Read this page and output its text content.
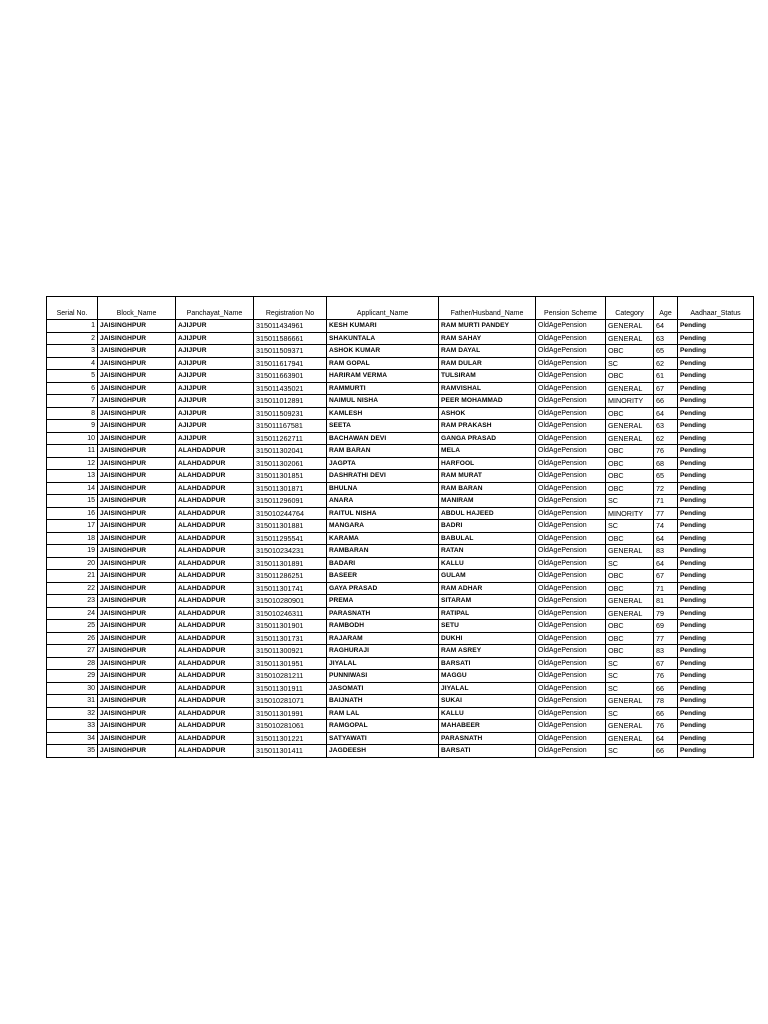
Serial No.	Block_Name	Panchayat_Name	Registration No	Applicant_Name	Father/Husband_Name	Pension Scheme	Category	Age	Aadhaar_Status
1	JAISINGHPUR	AJIJPUR	315011434961	KESH KUMARI	RAM MURTI PANDEY	OldAgePension	GENERAL	64	Pending
2	JAISINGHPUR	AJIJPUR	315011586661	SHAKUNTALA	RAM SAHAY	OldAgePension	GENERAL	63	Pending
3	JAISINGHPUR	AJIJPUR	315011509371	ASHOK KUMAR	RAM DAYAL	OldAgePension	OBC	65	Pending
4	JAISINGHPUR	AJIJPUR	315011617941	RAM GOPAL	RAM DULAR	OldAgePension	SC	62	Pending
5	JAISINGHPUR	AJIJPUR	315011663901	HARIRAM VERMA	TULSIRAM	OldAgePension	OBC	61	Pending
6	JAISINGHPUR	AJIJPUR	315011435021	RAMMURTI	RAMVISHAL	OldAgePension	GENERAL	67	Pending
7	JAISINGHPUR	AJIJPUR	315011012891	NAIMUL NISHA	PEER MOHAMMAD	OldAgePension	MINORITY	66	Pending
8	JAISINGHPUR	AJIJPUR	315011509231	KAMLESH	ASHOK	OldAgePension	OBC	64	Pending
9	JAISINGHPUR	AJIJPUR	315011167581	SEETA	RAM PRAKASH	OldAgePension	GENERAL	63	Pending
10	JAISINGHPUR	AJIJPUR	315011262711	BACHAWAN DEVI	GANGA PRASAD	OldAgePension	GENERAL	62	Pending
11	JAISINGHPUR	ALAHDADPUR	315011302041	RAM BARAN	MELA	OldAgePension	OBC	76	Pending
12	JAISINGHPUR	ALAHDADPUR	315011302061	JAGPTA	HARFOOL	OldAgePension	OBC	68	Pending
13	JAISINGHPUR	ALAHDADPUR	315011301851	DASHRATHI DEVI	RAM MURAT	OldAgePension	OBC	65	Pending
14	JAISINGHPUR	ALAHDADPUR	315011301871	BHULNA	RAM BARAN	OldAgePension	OBC	72	Pending
15	JAISINGHPUR	ALAHDADPUR	315011296091	ANARA	MANIRAM	OldAgePension	SC	71	Pending
16	JAISINGHPUR	ALAHDADPUR	315010244764	RAITUL NISHA	ABDUL HAJEED	OldAgePension	MINORITY	77	Pending
17	JAISINGHPUR	ALAHDADPUR	315011301881	MANGARA	BADRI	OldAgePension	SC	74	Pending
18	JAISINGHPUR	ALAHDADPUR	315011295541	KARAMA	BABULAL	OldAgePension	OBC	64	Pending
19	JAISINGHPUR	ALAHDADPUR	315010234231	RAMBARAN	RATAN	OldAgePension	GENERAL	83	Pending
20	JAISINGHPUR	ALAHDADPUR	315011301891	BADARI	KALLU	OldAgePension	SC	64	Pending
21	JAISINGHPUR	ALAHDADPUR	315011286251	BASEER	GULAM	OldAgePension	OBC	67	Pending
22	JAISINGHPUR	ALAHDADPUR	315011301741	GAYA PRASAD	RAM ADHAR	OldAgePension	OBC	71	Pending
23	JAISINGHPUR	ALAHDADPUR	315010280901	PREMA	SITARAM	OldAgePension	GENERAL	81	Pending
24	JAISINGHPUR	ALAHDADPUR	315010246311	PARASNATH	RATIPAL	OldAgePension	GENERAL	79	Pending
25	JAISINGHPUR	ALAHDADPUR	315011301901	RAMBODH	SETU	OldAgePension	OBC	69	Pending
26	JAISINGHPUR	ALAHDADPUR	315011301731	RAJARAM	DUKHI	OldAgePension	OBC	77	Pending
27	JAISINGHPUR	ALAHDADPUR	315011300921	RAGHURAJI	RAM ASREY	OldAgePension	OBC	83	Pending
28	JAISINGHPUR	ALAHDADPUR	315011301951	JIYALAL	BARSATI	OldAgePension	SC	67	Pending
29	JAISINGHPUR	ALAHDADPUR	315010281211	PUNNIWASI	MAGGU	OldAgePension	SC	76	Pending
30	JAISINGHPUR	ALAHDADPUR	315011301911	JASOMATI	JIYALAL	OldAgePension	SC	66	Pending
31	JAISINGHPUR	ALAHDADPUR	315010281071	BAIJNATH	SUKAI	OldAgePension	GENERAL	78	Pending
32	JAISINGHPUR	ALAHDADPUR	315011301991	RAM LAL	KALLU	OldAgePension	SC	66	Pending
33	JAISINGHPUR	ALAHDADPUR	315010281061	RAMGOPAL	MAHABEER	OldAgePension	GENERAL	76	Pending
34	JAISINGHPUR	ALAHDADPUR	315011301221	SATYAWATI	PARASNATH	OldAgePension	GENERAL	64	Pending
35	JAISINGHPUR	ALAHDADPUR	315011301411	JAGDEESH	BARSATI	OldAgePension	SC	66	Pending
